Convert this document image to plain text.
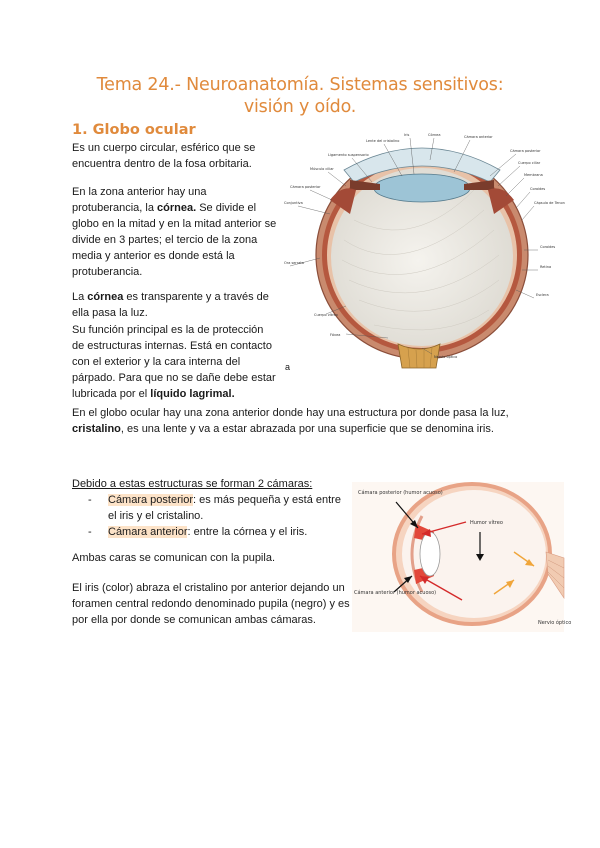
Tema 24.- Neuroanatomía. Sistemas sensitivos:
visión y oído.
1. Globo ocular

Es un cuerpo circular, esférico que se encuentra dentro de la fosa orbitaria.

En la zona anterior hay una protuberancia, la córnea. Se divide el globo en la mitad y en la mitad anterior se divide en 3 partes; el tercio de la zona media y anterior es donde está la protuberancia.

La córnea es transparente y a través de ella pasa la luz.

Su función principal es la de protección de estructuras internas. Está en contacto con el exterior y la cara interna del párpado. Para que no se dañe debe estar lubricada por el líquido lagrimal.

a

En el globo ocular hay una zona anterior donde hay una estructura por donde pasa la luz, cristalino, es una lente y va a estar abrazada por una superficie que se denomina iris.

Debido a estas estructuras se forman 2 cámaras:

- Cámara posterior: es más pequeña y está entre el iris y el cristalino.
- Cámara anterior: entre la córnea y el iris.

Ambas caras se comunican con la pupila.

El iris (color) abraza el cristalino por anterior dejando un foramen central redondo denominado pupila (negro) y es por ella por donde se comunican ambas cámaras.

Lente del cristalino
Iris	Córnea	Cámara anterior
Ligamento suspensorio
Músculo ciliar
Cámara posterior
Conjuntiva
Cámara posterior
Cuerpo ciliar
Membrana
Coroides
Cápsula de Tenon
Coroides
Retina
Esclera
Ora serrata
Cuerpo vítreo
Fóvea
Nervio óptico
Cámara posterior (humor acuoso)
Cámara anterior (humor acuoso)
Humor vítreo
Nervio óptico
